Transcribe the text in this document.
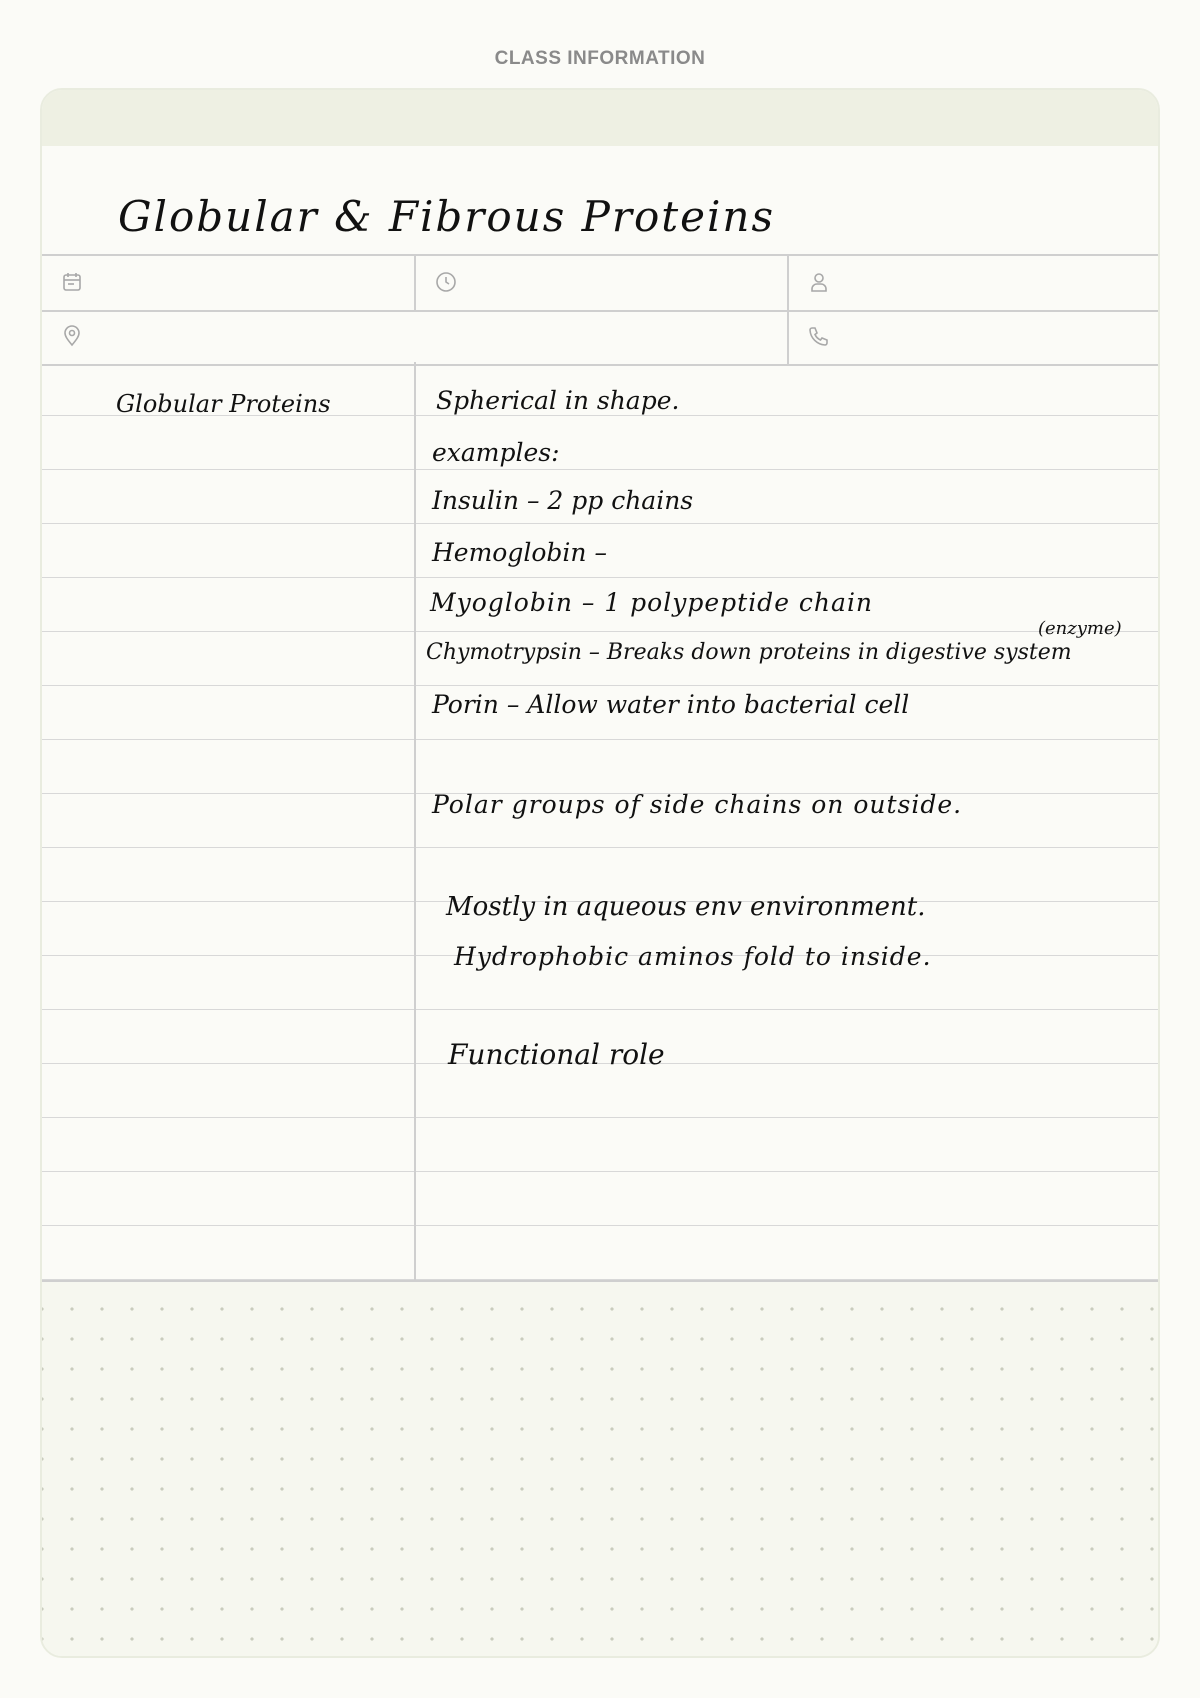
CLASS INFORMATION
Globular & Fibrous Proteins
Globular Proteins	Spherical in shape.
examples:
Insulin – 2 pp chains
Hemoglobin –
Myoglobin – 1 polypeptide chain
(enzyme)
Chymotrypsin – Breaks down proteins in digestive system
Porin – Allow water into bacterial cell
Polar groups of side chains on outside.
Mostly in aqueous env environment.
Hydrophobic aminos fold to inside.
Functional role
